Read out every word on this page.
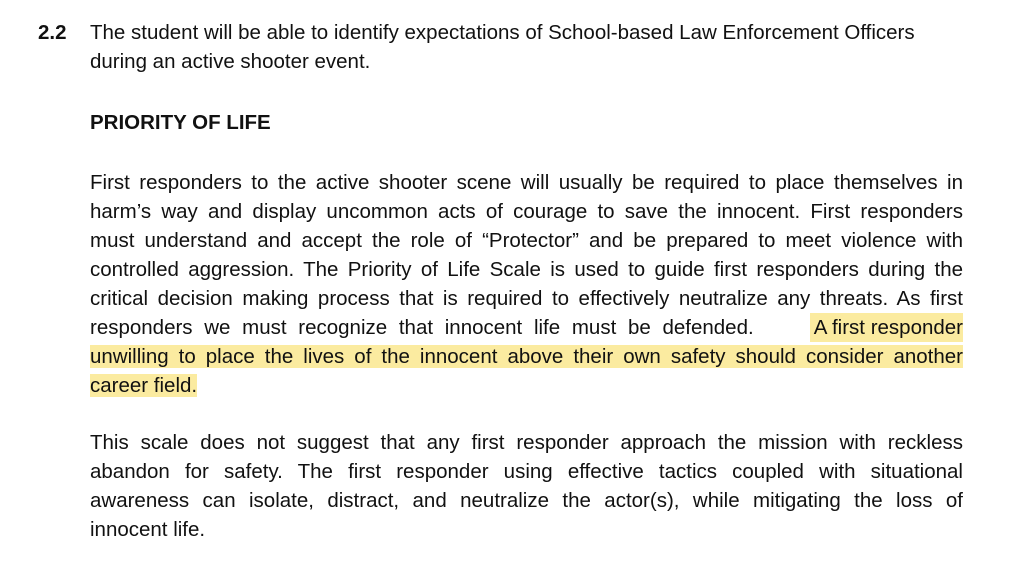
2.2	The student will be able to identify expectations of School-based Law Enforcement Officers
during an active shooter event.
PRIORITY OF LIFE
First responders to the active shooter scene will usually be required to place themselves in
harm’s way and display uncommon acts of courage to save the innocent. First responders
must understand and accept the role of “Protector” and be prepared to meet violence with
controlled aggression. The Priority of Life Scale is used to guide first responders during the
critical decision making process that is required to effectively neutralize any threats. As first
responders we must recognize that innocent life must be defended.	A first responder
unwilling to place the lives of the innocent above their own safety should consider another
career field.
This scale does not suggest that any first responder approach the mission with reckless
abandon for safety. The first responder using effective tactics coupled with situational
awareness can isolate, distract, and neutralize the actor(s), while mitigating the loss of
innocent life.
